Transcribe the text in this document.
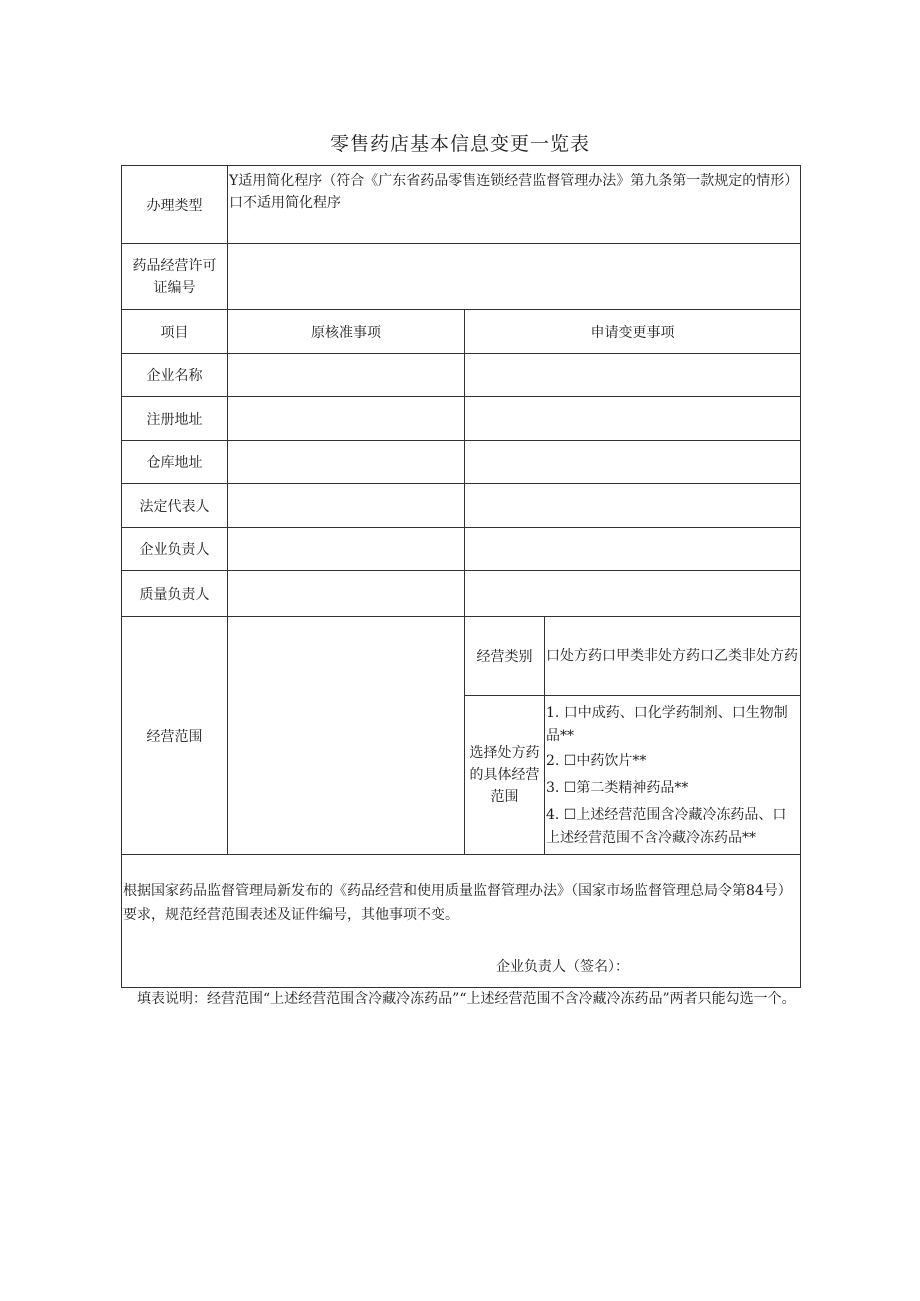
零售药店基本信息变更一览表
办理类型	Y适用简化程序（符合《广东省药品零售连锁经营监督管理办法》第九条第一款规定的情形）口不适用简化程序		
药品经营许可证编号			
项目	原核准事项	申请变更事项	
企业名称			
注册地址			
仓库地址			
法定代表人			
企业负责人			
质量负责人			
经营范围		经营类别	口处方药口甲类非处方药口乙类非处方药
		选择处方药的具体经营范围	1. 口中成药、口化学药制剂、口生物制品**
2. ☐中药饮片**
3. ☐第二类精神药品**
4. ☐上述经营范围含冷藏冷冻药品、口上述经营范围不含冷藏冷冻药品**

根据国家药品监督管理局新发布的《药品经营和使用质量监督管理办法》（国家市场监督管理总局令第84号）要求，规范经营范围表述及证件编号，其他事项不变。
企业负责人（签名）：			
填表说明：经营范围“上述经营范围含冷藏冷冻药品”“上述经营范围不含冷藏冷冻药品”两者只能勾选一个。
